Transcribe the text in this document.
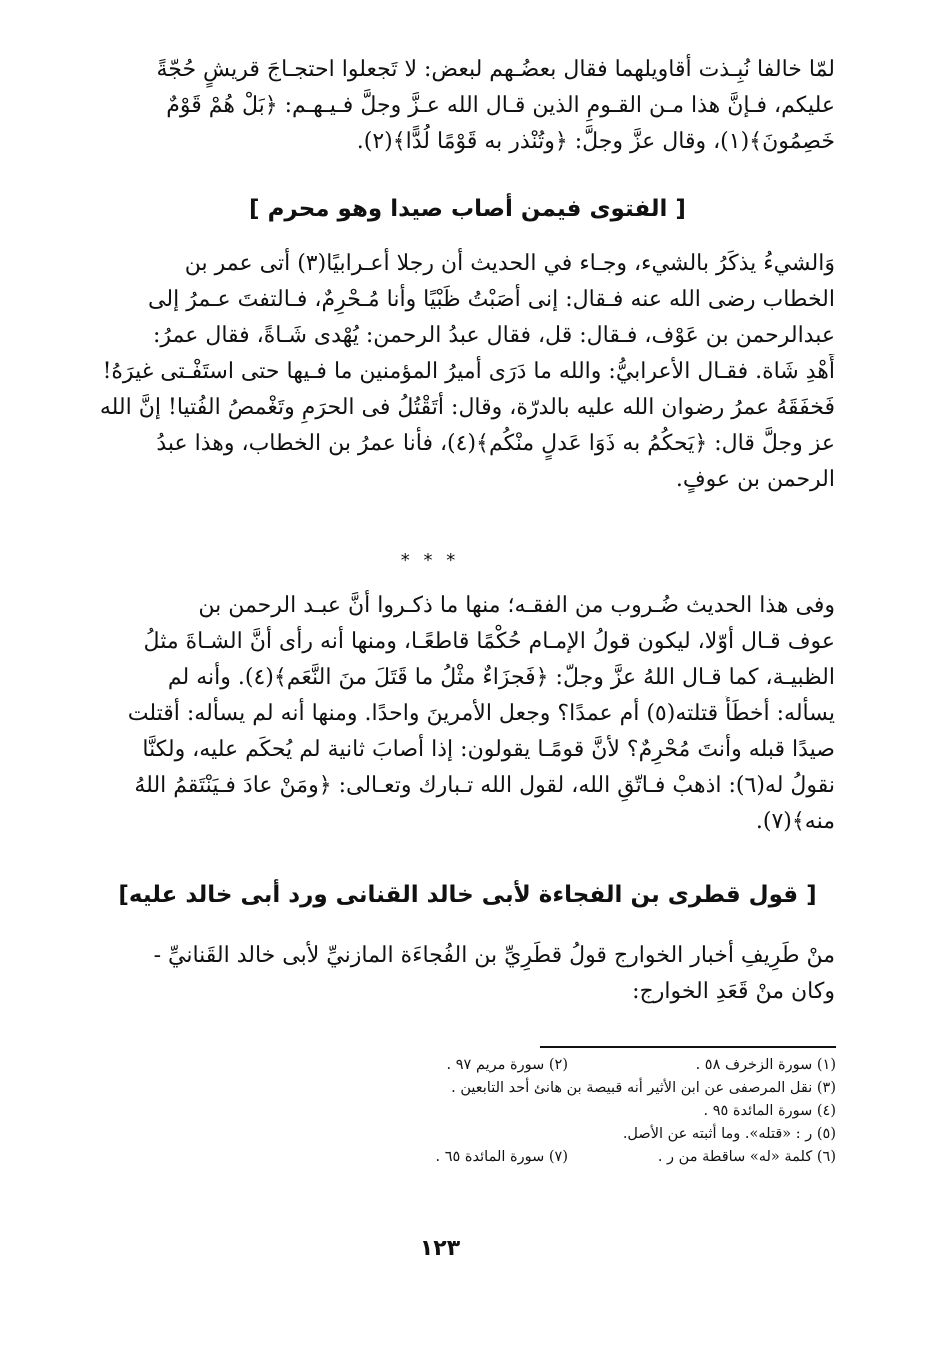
لمّا خالفا نُبِـذت أقاويلهما فقال بعضُـهم لبعض: لا تَجعلوا احتجـاجَ قريشٍ حُجّةً
عليكم، فـإنَّ هذا مـن القـومِ الذين قـال الله عـزَّ وجلَّ فـيـهـم: ﴿بَلْ هُمْ قَوْمٌ
خَصِمُونَ﴾(١)، وقال عزَّ وجلَّ: ﴿وتُنْذر به قَوْمًا لُدًّا﴾(٢).
[ الفتوى فيمن أصاب صيدا وهو محرم ]
وَالشيءُ يذكَرُ بالشيء، وجـاء في الحديث أن رجلا أعـرابيًا(٣) أتى عمر بن
الخطاب رضى الله عنه فـقال: إنى أصَبْتُ ظَبْيًا وأنا مُـحْرِمٌ، فـالتفتَ عـمرُ إلى
عبدالرحمن بن عَوْف، فـقال: قل، فقال عبدُ الرحمن: يُهْدى شَـاةً، فقال عمرُ:
أَهْدِ شَاة. فقـال الأعرابيُّ: والله ما دَرَى أميرُ المؤمنين ما فـيها حتى استَفْـتى غيرَهُ!
فَخفَقَهُ عمرُ رضوان الله عليه بالدرّة، وقال: أتَقْتُلُ فى الحرَمِ وتَغْمصُ الفُتيا! إنَّ الله
عز وجلَّ قال: ﴿يَحكُمُ به ذَوَا عَدلٍ منْكُم﴾(٤)، فأنا عمرُ بن الخطاب، وهذا عبدُ
الرحمن بن عوفٍ.
* * *
وفى هذا الحديث ضُـروب من الفقـه؛ منها ما ذكـروا أنَّ عبـد الرحمن بن
عوف قـال أوّلا، ليكون قولُ الإمـام حُكْمًا قاطعًـا، ومنها أنه رأى أنَّ الشـاةَ مثلُ
الظبيـة، كما قـال اللهُ عزَّ وجلّ: ﴿فَجزَاءٌ مثْلُ ما قَتَلَ منَ النَّعَم﴾(٤). وأنه لم
يسأله: أخطَأً قتلته(٥) أم عمدًا؟ وجعل الأمرينَ واحدًا. ومنها أنه لم يسأله: أقتلت
صيدًا قبله وأنتَ مُحْرِمٌ؟ لأنَّ قومًـا يقولون: إذا أصابَ ثانية لم يُحكَم عليه، ولكنَّا
نقولُ له(٦): اذهبْ فـاتّقِ الله، لقول الله تـبارك وتعـالى: ﴿ومَنْ عادَ فـيَنْتَقمُ اللهُ
منه﴾(٧).
[ قول قطرى بن الفجاءة لأبى خالد القنانى ورد أبى خالد عليه]
منْ طَرِيفِ أخبار الخوارج قولُ قطَرِيِّ بن الفُجاءَة المازنيِّ لأبى خالد القَنانيِّ -
وكان منْ قَعَدِ الخوارج:
(١) سورة الزخرف ٥٨ .
(٢) سورة مريم ٩٧ .
(٣) نقل المرصفى عن ابن الأثير أنه قبيصة بن هانئ أحد التابعين .
(٤) سورة المائدة ٩٥ .
(٥) ر : «قتله». وما أثبته عن الأصل.
(٦) كلمة «له» ساقطة من ر .
(٧) سورة المائدة ٦٥ .
١٢٣
